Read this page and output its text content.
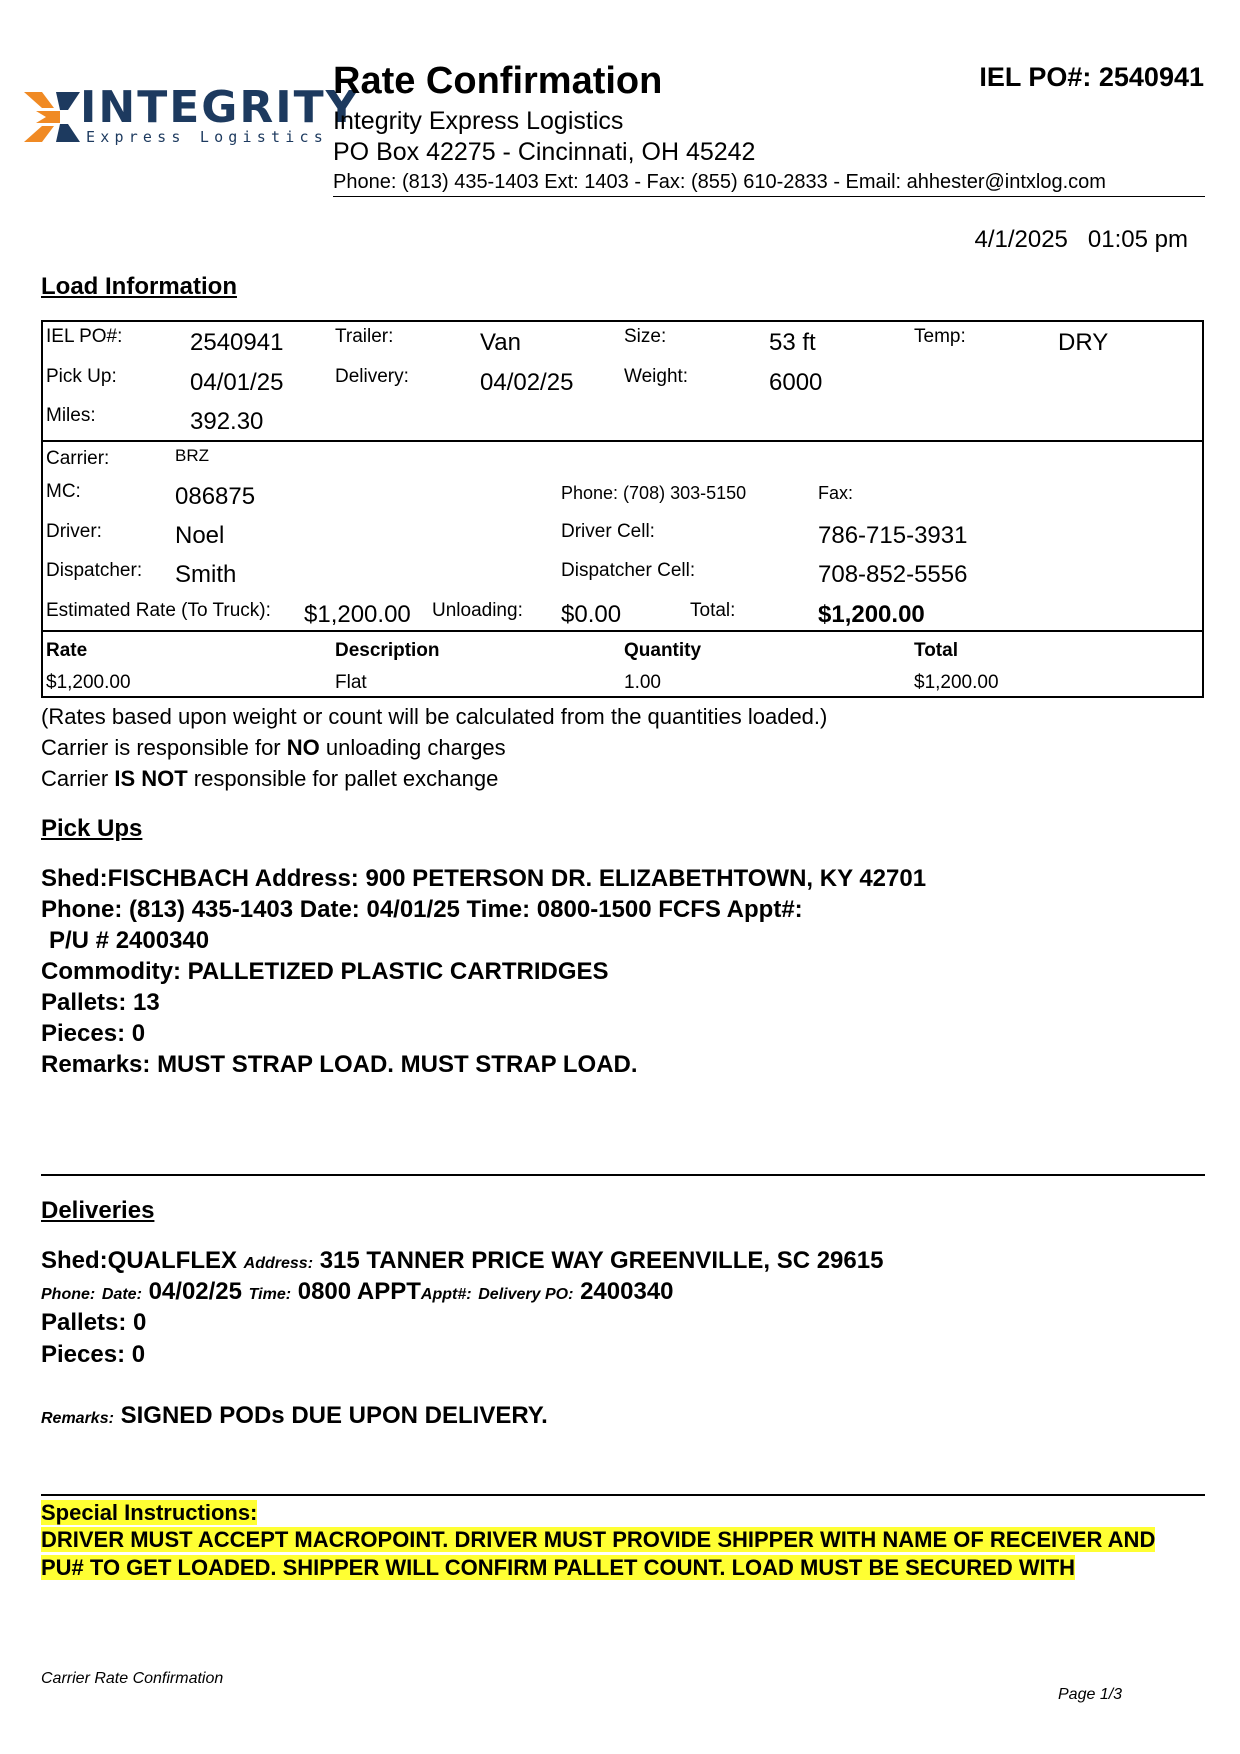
INTEGRITY
Express Logistics
Rate Confirmation	IEL PO#: 2540941
Integrity Express Logistics
PO Box 42275 - Cincinnati, OH 45242
Phone: (813) 435-1403 Ext: 1403 - Fax: (855) 610-2833 - Email: ahhester@intxlog.com
4/1/2025 01:05 pm
Load Information
IEL PO#:	2540941	Trailer:	Van	Size:	53 ft	Temp:	DRY
Pick Up:	04/01/25	Delivery:	04/02/25	Weight:	6000
Miles:	392.30
Carrier:	BRZ
MC:	086875	Phone: (708) 303-5150	Fax:
Driver:	Noel	Driver Cell:	786-715-3931
Dispatcher: Smith	Dispatcher Cell:	708-852-5556
Estimated Rate (To Truck): $1,200.00 Unloading: $0.00	Total:	$1,200.00
Rate	Description	Quantity	Total
$1,200.00	Flat	1.00	$1,200.00
(Rates based upon weight or count will be calculated from the quantities loaded.)
Carrier is responsible for NO unloading charges
Carrier IS NOT responsible for pallet exchange
Pick Ups
Shed:FISCHBACH Address: 900 PETERSON DR. ELIZABETHTOWN, KY 42701
Phone: (813) 435-1403 Date: 04/01/25 Time: 0800-1500 FCFS Appt#:
P/U # 2400340
Commodity: PALLETIZED PLASTIC CARTRIDGES
Pallets: 13
Pieces: 0
Remarks: MUST STRAP LOAD. MUST STRAP LOAD.
Deliveries
Shed:QUALFLEX Address: 315 TANNER PRICE WAY GREENVILLE, SC 29615
Phone: Date: 04/02/25 Time: 0800 APPTAppt#: Delivery PO: 2400340
Pallets: 0
Pieces: 0
Remarks: SIGNED PODs DUE UPON DELIVERY.
Special Instructions:
DRIVER MUST ACCEPT MACROPOINT. DRIVER MUST PROVIDE SHIPPER WITH NAME OF RECEIVER AND
PU# TO GET LOADED. SHIPPER WILL CONFIRM PALLET COUNT. LOAD MUST BE SECURED WITH
Carrier Rate Confirmation
Page 1/3
